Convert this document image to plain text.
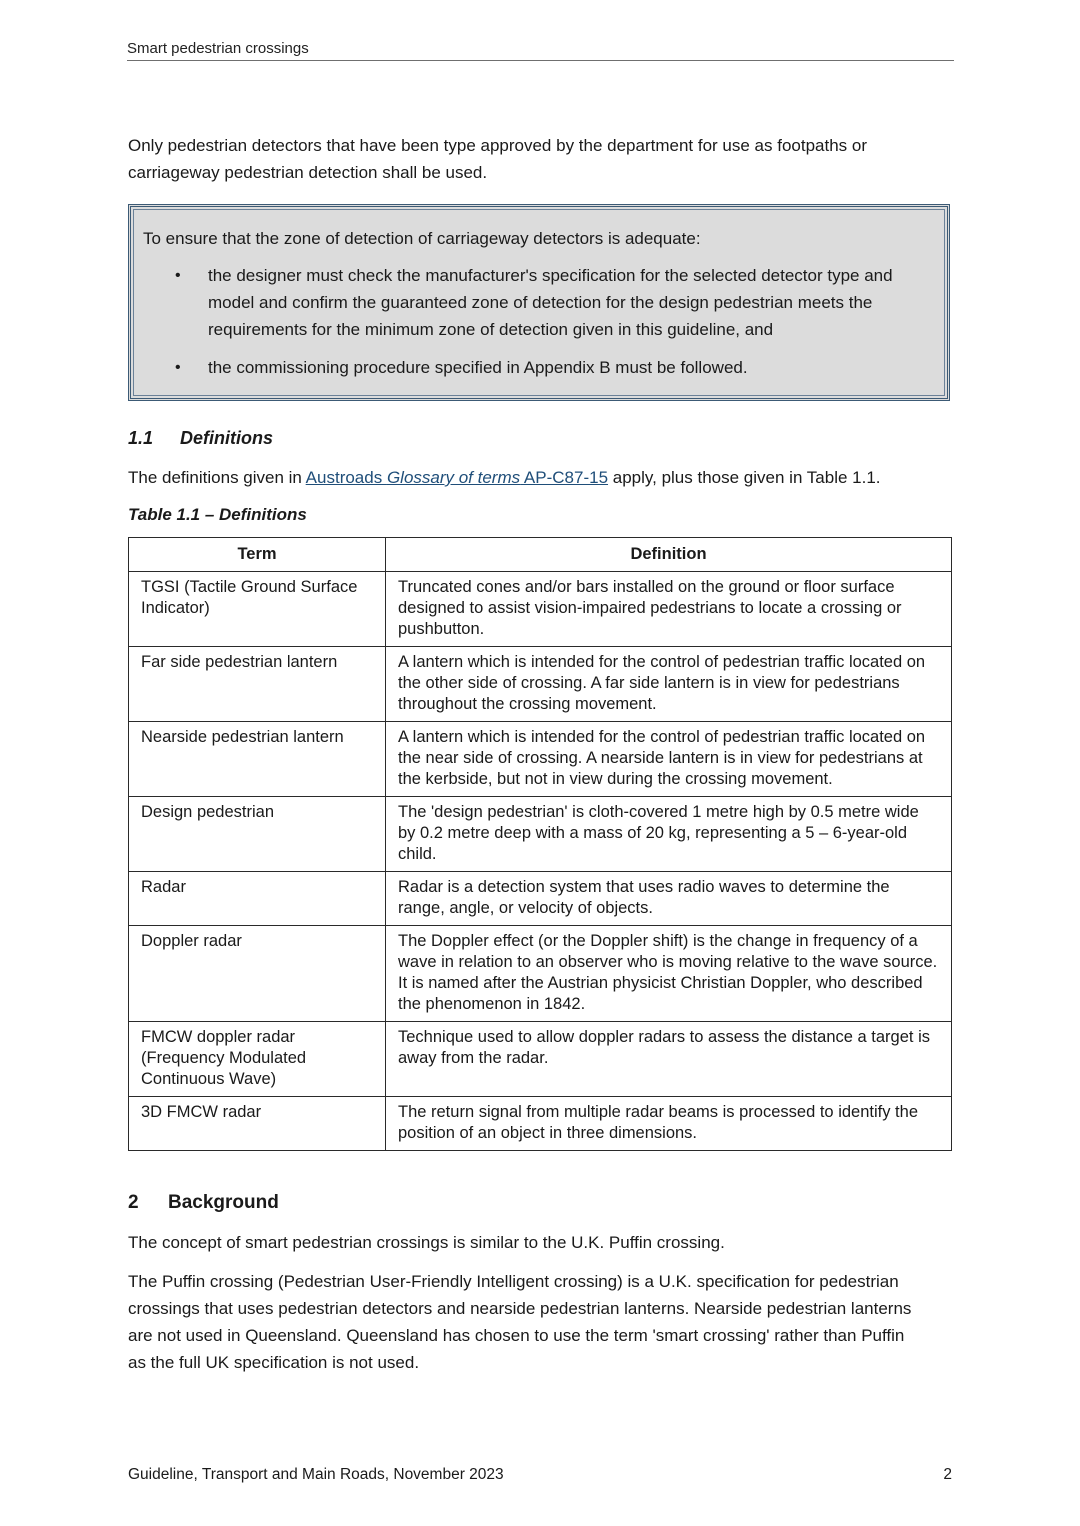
Smart pedestrian crossings

Only pedestrian detectors that have been type approved by the department for use as footpaths or carriageway pedestrian detection shall be used.

To ensure that the zone of detection of carriageway detectors is adequate:

• the designer must check the manufacturer's specification for the selected detector type and model and confirm the guaranteed zone of detection for the design pedestrian meets the requirements for the minimum zone of detection given in this guideline, and
• the commissioning procedure specified in Appendix B must be followed.
1.1 Definitions

The definitions given in Austroads Glossary of terms AP-C87-15 apply, plus those given in Table 1.1.

Table 1.1 – Definitions

Term	Definition
TGSI (Tactile Ground Surface Indicator)	Truncated cones and/or bars installed on the ground or floor surface designed to assist vision-impaired pedestrians to locate a crossing or pushbutton.
Far side pedestrian lantern	A lantern which is intended for the control of pedestrian traffic located on the other side of crossing. A far side lantern is in view for pedestrians throughout the crossing movement.
Nearside pedestrian lantern	A lantern which is intended for the control of pedestrian traffic located on the near side of crossing. A nearside lantern is in view for pedestrians at the kerbside, but not in view during the crossing movement.
Design pedestrian	The 'design pedestrian' is cloth-covered 1 metre high by 0.5 metre wide by 0.2 metre deep with a mass of 20 kg, representing a 5 – 6-year-old child.
Radar	Radar is a detection system that uses radio waves to determine the range, angle, or velocity of objects.
Doppler radar	The Doppler effect (or the Doppler shift) is the change in frequency of a wave in relation to an observer who is moving relative to the wave source. It is named after the Austrian physicist Christian Doppler, who described the phenomenon in 1842.
FMCW doppler radar (Frequency Modulated Continuous Wave)	Technique used to allow doppler radars to assess the distance a target is away from the radar.
3D FMCW radar	The return signal from multiple radar beams is processed to identify the position of an object in three dimensions.
2 Background

The concept of smart pedestrian crossings is similar to the U.K. Puffin crossing.

The Puffin crossing (Pedestrian User-Friendly Intelligent crossing) is a U.K. specification for pedestrian crossings that uses pedestrian detectors and nearside pedestrian lanterns. Nearside pedestrian lanterns are not used in Queensland. Queensland has chosen to use the term 'smart crossing' rather than Puffin as the full UK specification is not used.

Guideline, Transport and Main Roads, November 2023	2
